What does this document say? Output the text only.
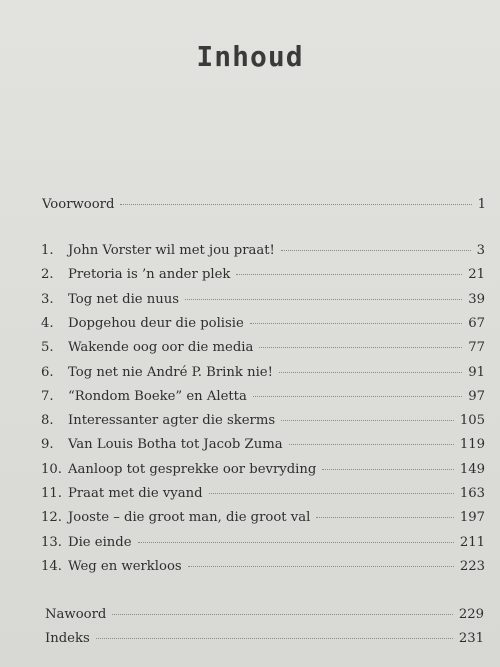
Inhoud
Voorwoord	1
1.	John Vorster wil met jou praat!	3
2.	Pretoria is ’n ander plek	21
3.	Tog net die nuus	39
4.	Dopgehou deur die polisie	67
5.	Wakende oog oor die media	77
6.	Tog net nie André P. Brink nie!	91
7.	“Rondom Boeke” en Aletta	97
8.	Interessanter agter die skerms	105
9.	Van Louis Botha tot Jacob Zuma	119
10. Aanloop tot gesprekke oor bevryding	149
11. Praat met die vyand	163
12. Jooste – die groot man, die groot val	197
13. Die einde	211
14. Weg en werkloos	223
Nawoord	229
Indeks	231
